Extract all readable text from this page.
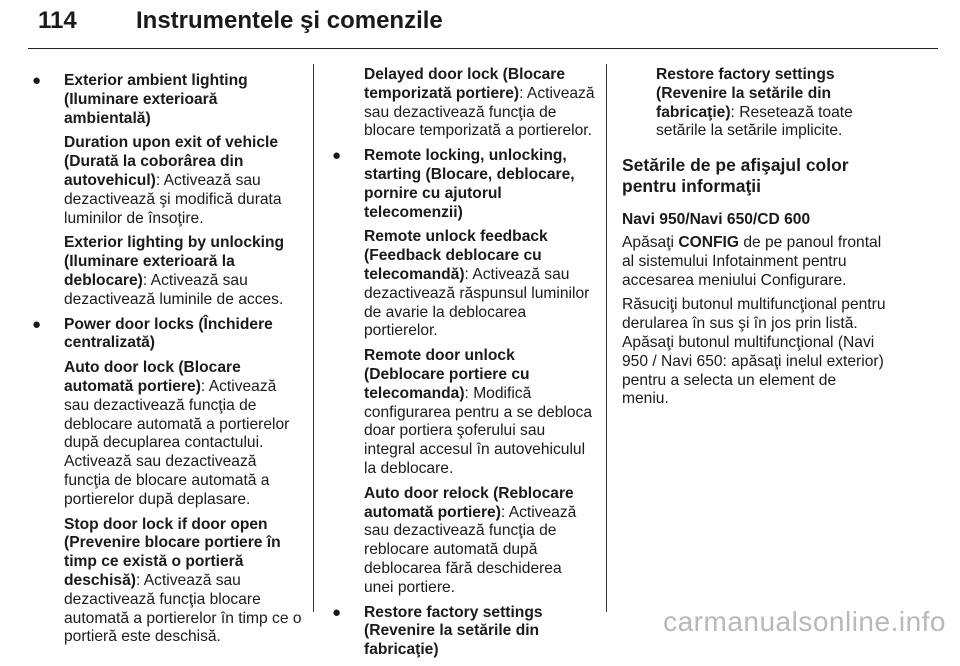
114 Instrumentele şi comenzile
● Exterior ambient lighting (Iluminare exterioară ambientală)
Duration upon exit of vehicle (Durată la coborârea din autovehicul): Activează sau dezactivează şi modifică durata luminilor de însoţire.
Exterior lighting by unlocking (Iluminare exterioară la deblocare): Activează sau dezactivează luminile de acces.
● Power door locks (Închidere centralizată)
Auto door lock (Blocare automată portiere): Activează sau dezactivează funcţia de deblocare automată a portierelor după decuplarea contactului. Activează sau dezactivează funcţia de blocare automată a portierelor după deplasare.
Stop door lock if door open (Prevenire blocare portiere în timp ce există o portieră deschisă): Activează sau dezactivează funcţia blocare automată a portierelor în timp ce o portieră este deschisă.
Delayed door lock (Blocare temporizată portiere): Activează sau dezactivează funcţia de blocare temporizată a portierelor.
● Remote locking, unlocking, starting (Blocare, deblocare, pornire cu ajutorul telecomenzii)
Remote unlock feedback (Feedback deblocare cu telecomandă): Activează sau dezactivează răspunsul luminilor de avarie la deblocarea portierelor.
Remote door unlock (Deblocare portiere cu telecomanda): Modifică configurarea pentru a se debloca doar portiera şoferului sau integral accesul în autovehiculul la deblocare.
Auto door relock (Reblocare automată portiere): Activează sau dezactivează funcţia de reblocare automată după deblocarea fără deschiderea unei portiere.
● Restore factory settings (Revenire la setările din fabricaţie)
Restore factory settings (Revenire la setările din fabricaţie): Resetează toate setările la setările implicite.
Setările de pe afişajul color pentru informaţii
Navi 950/Navi 650/CD 600
Apăsaţi CONFIG de pe panoul frontal al sistemului Infotainment pentru accesarea meniului Configurare.
Răsuciţi butonul multifuncţional pentru derularea în sus şi în jos prin listă. Apăsaţi butonul multifuncţional (Navi 950 / Navi 650: apăsaţi inelul exterior) pentru a selecta un element de meniu.
carmanualsonline.info
